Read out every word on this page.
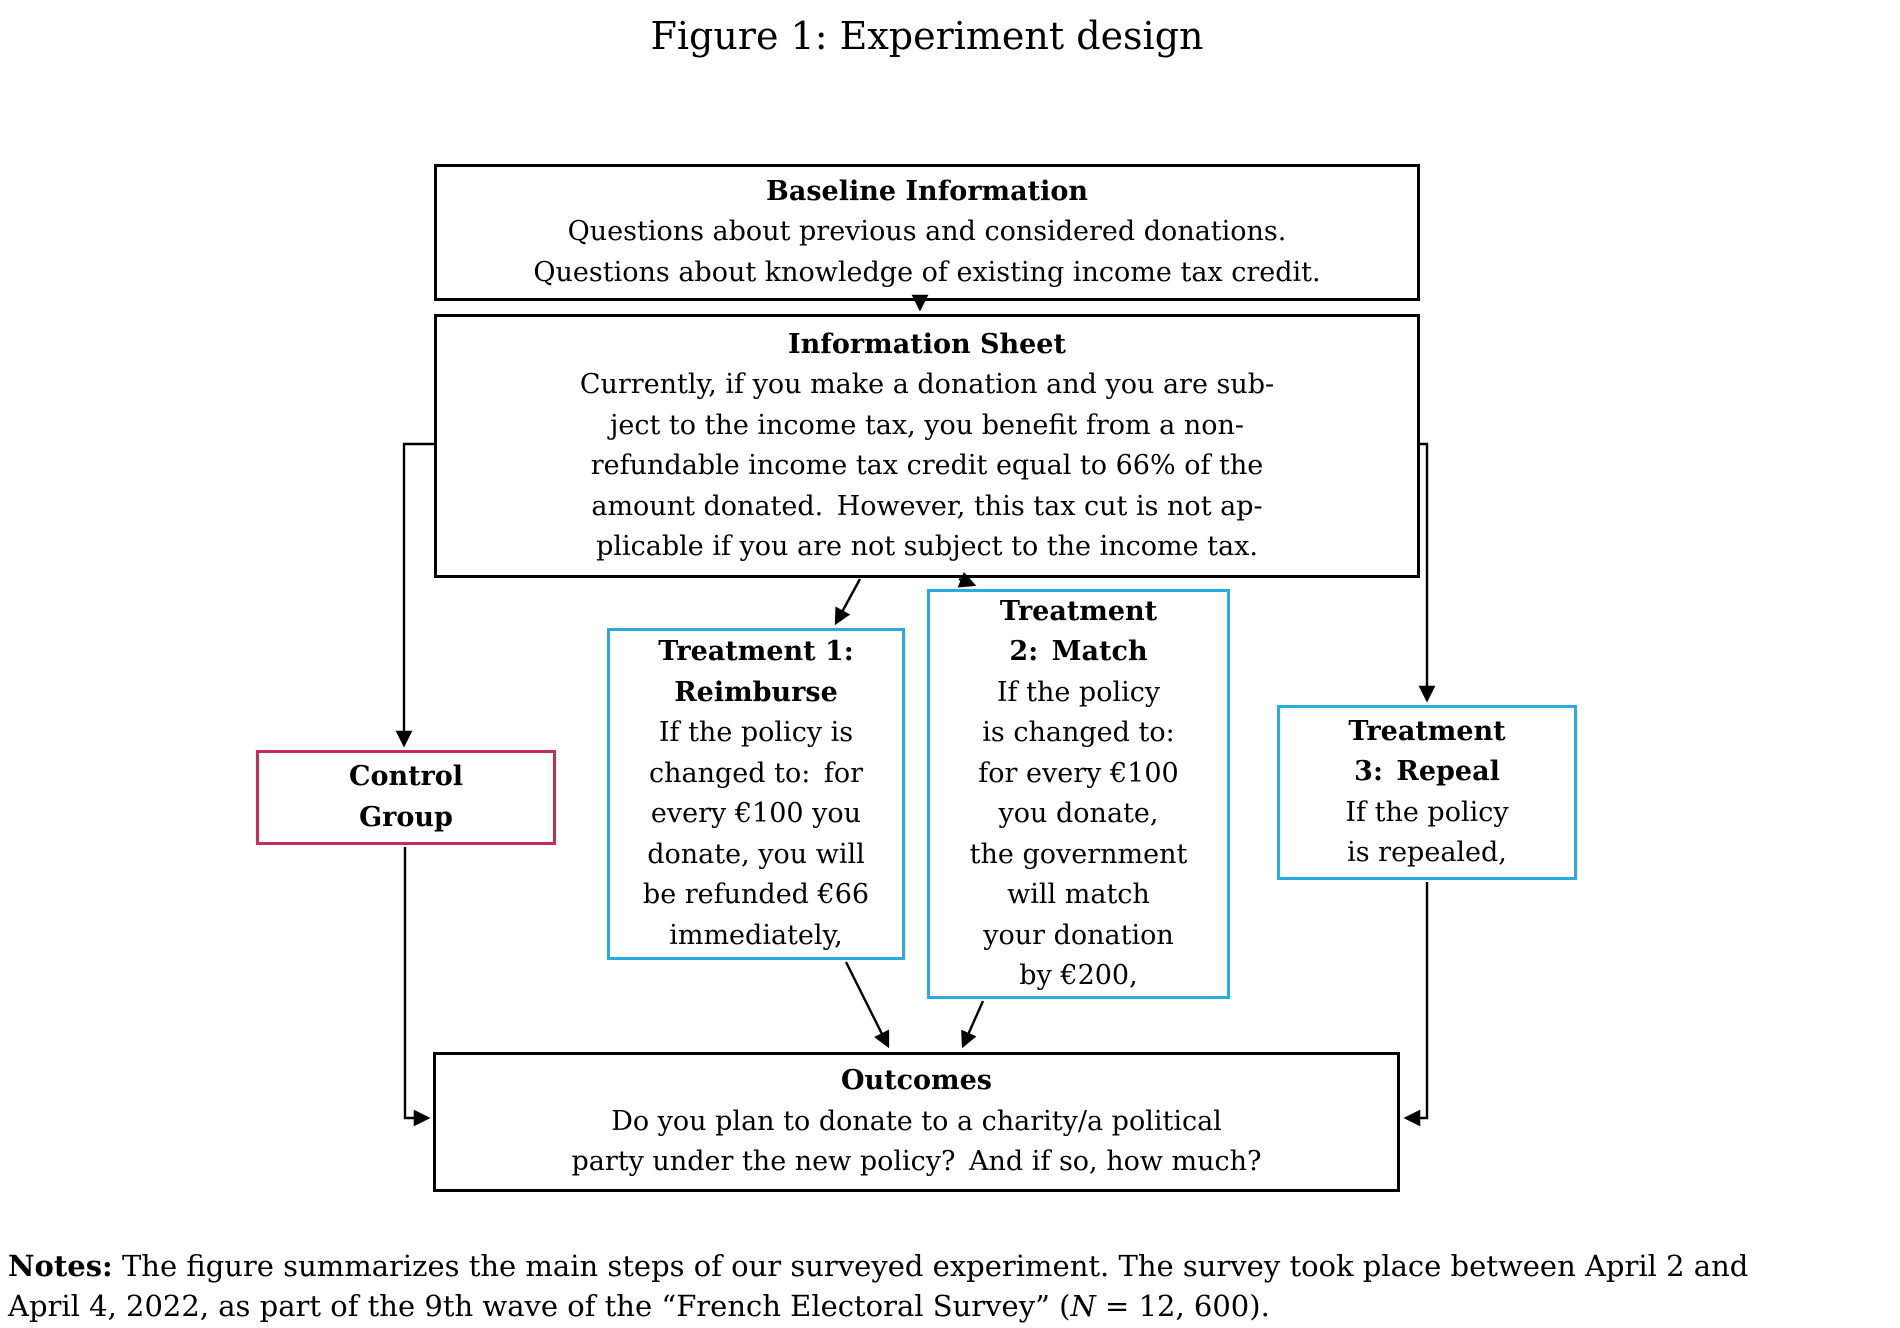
Figure 1: Experiment design
Baseline Information
Questions about previous and considered donations.
Questions about knowledge of existing income tax credit.
Information Sheet
Currently, if you make a donation and you are sub-
ject to the income tax, you benefit from a non-
refundable income tax credit equal to 66% of the
amount donated. However, this tax cut is not ap-
plicable if you are not subject to the income tax.
Control
Group
Treatment 1:
Reimburse
If the policy is
changed to: for
every €100 you
donate, you will
be refunded €66
immediately,
Treatment
2: Match
If the policy
is changed to:
for every €100
you donate,
the government
will match
your donation
by €200,
Treatment
3: Repeal
If the policy
is repealed,
Outcomes
Do you plan to donate to a charity/a political
party under the new policy? And if so, how much?
Notes: The figure summarizes the main steps of our surveyed experiment. The survey took place between April 2 and
April 4, 2022, as part of the 9th wave of the “French Electoral Survey” (N = 12, 600).
